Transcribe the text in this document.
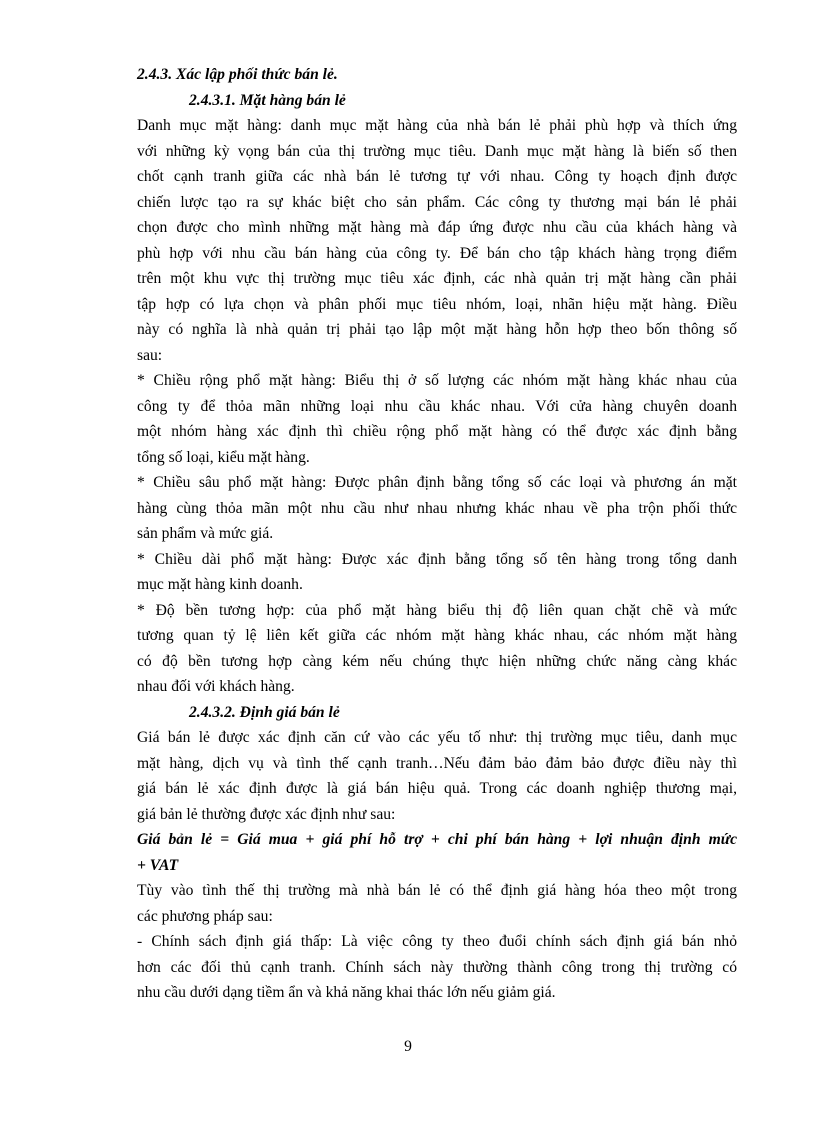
2.4.3. Xác lập phối thức bán lẻ.
2.4.3.1. Mặt hàng bán lẻ
Danh mục mặt hàng: danh mục mặt hàng của nhà bán lẻ phải phù hợp và thích ứng
với những kỳ vọng bán của thị trường mục tiêu. Danh mục mặt hàng là biến số then
chốt cạnh tranh giữa các nhà bán lẻ tương tự với nhau. Công ty hoạch định được
chiến lược tạo ra sự khác biệt cho sản phẩm. Các công ty thương mại bán lẻ phải
chọn được cho mình những mặt hàng mà đáp ứng được nhu cầu của khách hàng và
phù hợp với nhu cầu bán hàng của công ty. Để bán cho tập khách hàng trọng điểm
trên một khu vực thị trường mục tiêu xác định, các nhà quản trị mặt hàng cần phải
tập hợp có lựa chọn và phân phối mục tiêu nhóm, loại, nhãn hiệu mặt hàng. Điều
này có nghĩa là nhà quản trị phải tạo lập một mặt hàng hỗn hợp theo bốn thông số
sau:
* Chiều rộng phổ mặt hàng: Biểu thị ở số lượng các nhóm mặt hàng khác nhau của
công ty để thỏa mãn những loại nhu cầu khác nhau. Với cửa hàng chuyên doanh
một nhóm hàng xác định thì chiều rộng phổ mặt hàng có thể được xác định bằng
tổng số loại, kiểu mặt hàng.
* Chiều sâu phổ mặt hàng: Được phân định bằng tổng số các loại và phương án mặt
hàng cùng thỏa mãn một nhu cầu như nhau nhưng khác nhau về pha trộn phối thức
sản phẩm và mức giá.
* Chiều dài phổ mặt hàng: Được xác định bằng tổng số tên hàng trong tổng danh
mục mặt hàng kinh doanh.
* Độ bền tương hợp: của phổ mặt hàng biểu thị độ liên quan chặt chẽ và mức
tương quan tỷ lệ liên kết giữa các nhóm mặt hàng khác nhau, các nhóm mặt hàng
có độ bền tương hợp càng kém nếu chúng thực hiện những chức năng càng khác
nhau đối với khách hàng.
2.4.3.2. Định giá bán lẻ
Giá bán lẻ được xác định căn cứ vào các yếu tố như: thị trường mục tiêu, danh mục
mặt hàng, dịch vụ và tình thế cạnh tranh…Nếu đảm bảo đảm bảo được điều này thì
giá bán lẻ xác định được là giá bán hiệu quả. Trong các doanh nghiệp thương mại,
giá bản lẻ thường được xác định như sau:
Giá bản lẻ = Giá mua + giá phí hỗ trợ + chi phí bán hàng + lợi nhuận định mức
+ VAT
Tùy vào tình thế thị trường mà nhà bán lẻ có thể định giá hàng hóa theo một trong
các phương pháp sau:
- Chính sách định giá thấp: Là việc công ty theo đuổi chính sách định giá bán nhỏ
hơn các đối thủ cạnh tranh. Chính sách này thường thành công trong thị trường có
nhu cầu dưới dạng tiềm ẩn và khả năng khai thác lớn nếu giảm giá.
9
